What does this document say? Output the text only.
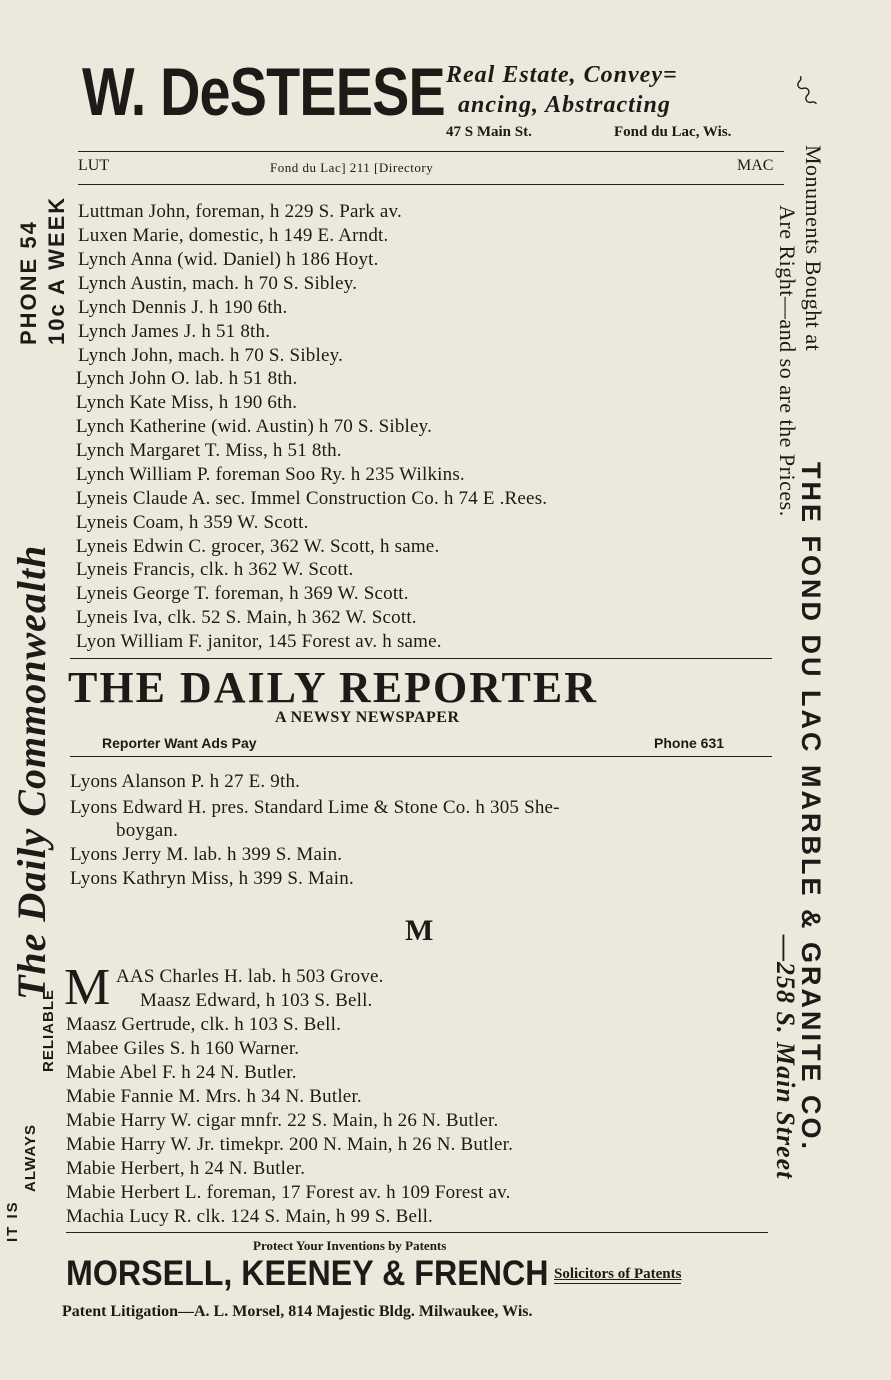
W. DeSTEESE Real Estate, Convey=
ancing, Abstracting
47 S Main St.	Fond du Lac, Wis.
LUT	Fond du Lac] 211 [Directory	MAC
Luttman John, foreman, h 229 S. Park av.
Luxen Marie, domestic, h 149 E. Arndt.
Lynch Anna (wid. Daniel) h 186 Hoyt.
Lynch Austin, mach. h 70 S. Sibley.
Lynch Dennis J. h 190 6th.
Lynch James J. h 51 8th.
Lynch John, mach. h 70 S. Sibley.
Lynch John O. lab. h 51 8th.
Lynch Kate Miss, h 190 6th.
Lynch Katherine (wid. Austin) h 70 S. Sibley.
Lynch Margaret T. Miss, h 51 8th.
Lynch William P. foreman Soo Ry. h 235 Wilkins.
Lyneis Claude A. sec. Immel Construction Co. h 74 E .Rees.
Lyneis Coam, h 359 W. Scott.
Lyneis Edwin C. grocer, 362 W. Scott, h same.
Lyneis Francis, clk. h 362 W. Scott.
Lyneis George T. foreman, h 369 W. Scott.
Lyneis Iva, clk. 52 S. Main, h 362 W. Scott.
Lyon William F. janitor, 145 Forest av. h same.
THE DAILY REPORTER
A NEWSY NEWSPAPER
Reporter Want Ads Pay	Phone 631
Lyons Alanson P. h 27 E. 9th.
Lyons Edward H. pres. Standard Lime & Stone Co. h 305 She-
boygan.
Lyons Jerry M. lab. h 399 S. Main.
Lyons Kathryn Miss, h 399 S. Main.
M
M AAS Charles H. lab. h 503 Grove.
Maasz Edward, h 103 S. Bell.
Maasz Gertrude, clk. h 103 S. Bell.
Mabee Giles S. h 160 Warner.
Mabie Abel F. h 24 N. Butler.
Mabie Fannie M. Mrs. h 34 N. Butler.
Mabie Harry W. cigar mnfr. 22 S. Main, h 26 N. Butler.
Mabie Harry W. Jr. timekpr. 200 N. Main, h 26 N. Butler.
Mabie Herbert, h 24 N. Butler.
Mabie Herbert L. foreman, 17 Forest av. h 109 Forest av.
Machia Lucy R. clk. 124 S. Main, h 99 S. Bell.
Protect Your Inventions by Patents
MORSELL, KEENEY & FRENCH Solicitors of Patents
Patent Litigation—A. L. Morsel, 814 Majestic Bldg. Milwaukee, Wis.
The Daily Commonwealth
PHONE 54 10c A WEEK
IT IS
ALWAYS
RELIABLE
〰
Monuments Bought at
THE FOND DU LAC MARBLE & GRANITE CO.
Are Right—and so are the Prices.
—258 S. Main Street
